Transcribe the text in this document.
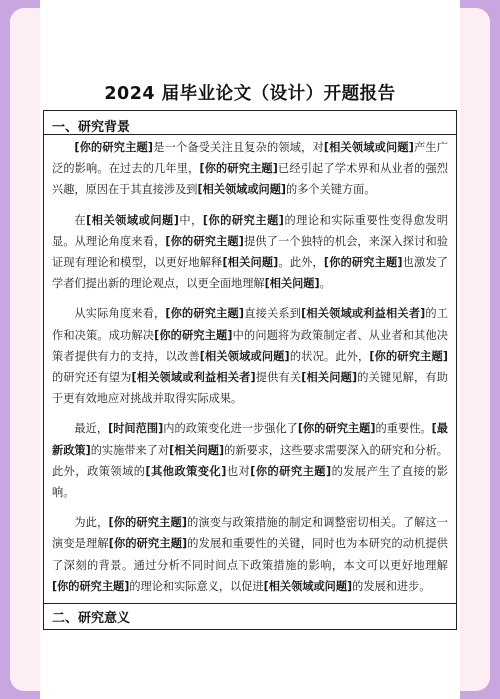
2024 届毕业论文（设计）开题报告
一、研究背景

[你的研究主题]是一个备受关注且复杂的领域，对[相关领域或问题]产生广泛的影响。在过去的几年里，[你的研究主题]已经引起了学术界和从业者的强烈兴趣，原因在于其直接涉及到[相关领域或问题]的多个关键方面。

在[相关领域或问题]中，[你的研究主题]的理论和实际重要性变得愈发明显。从理论角度来看，[你的研究主题]提供了一个独特的机会，来深入探讨和验证现有理论和模型，以更好地解释[相关问题]。此外，[你的研究主题]也激发了学者们提出新的理论观点，以更全面地理解[相关问题]。

从实际角度来看，[你的研究主题]直接关系到[相关领域或利益相关者]的工作和决策。成功解决[你的研究主题]中的问题将为政策制定者、从业者和其他决策者提供有力的支持，以改善[相关领域或问题]的状况。此外，[你的研究主题]的研究还有望为[相关领域或利益相关者]提供有关[相关问题]的关键见解，有助于更有效地应对挑战并取得实际成果。

最近，[时间范围]内的政策变化进一步强化了[你的研究主题]的重要性。[最新政策]的实施带来了对[相关问题]的新要求，这些要求需要深入的研究和分析。此外，政策领域的[其他政策变化]也对[你的研究主题]的发展产生了直接的影响。

为此，[你的研究主题]的演变与政策措施的制定和调整密切相关。了解这一演变是理解[你的研究主题]的发展和重要性的关键，同时也为本研究的动机提供了深刻的背景。通过分析不同时间点下政策措施的影响，本文可以更好地理解[你的研究主题]的理论和实际意义，以促进[相关领域或问题]的发展和进步。

二、研究意义
